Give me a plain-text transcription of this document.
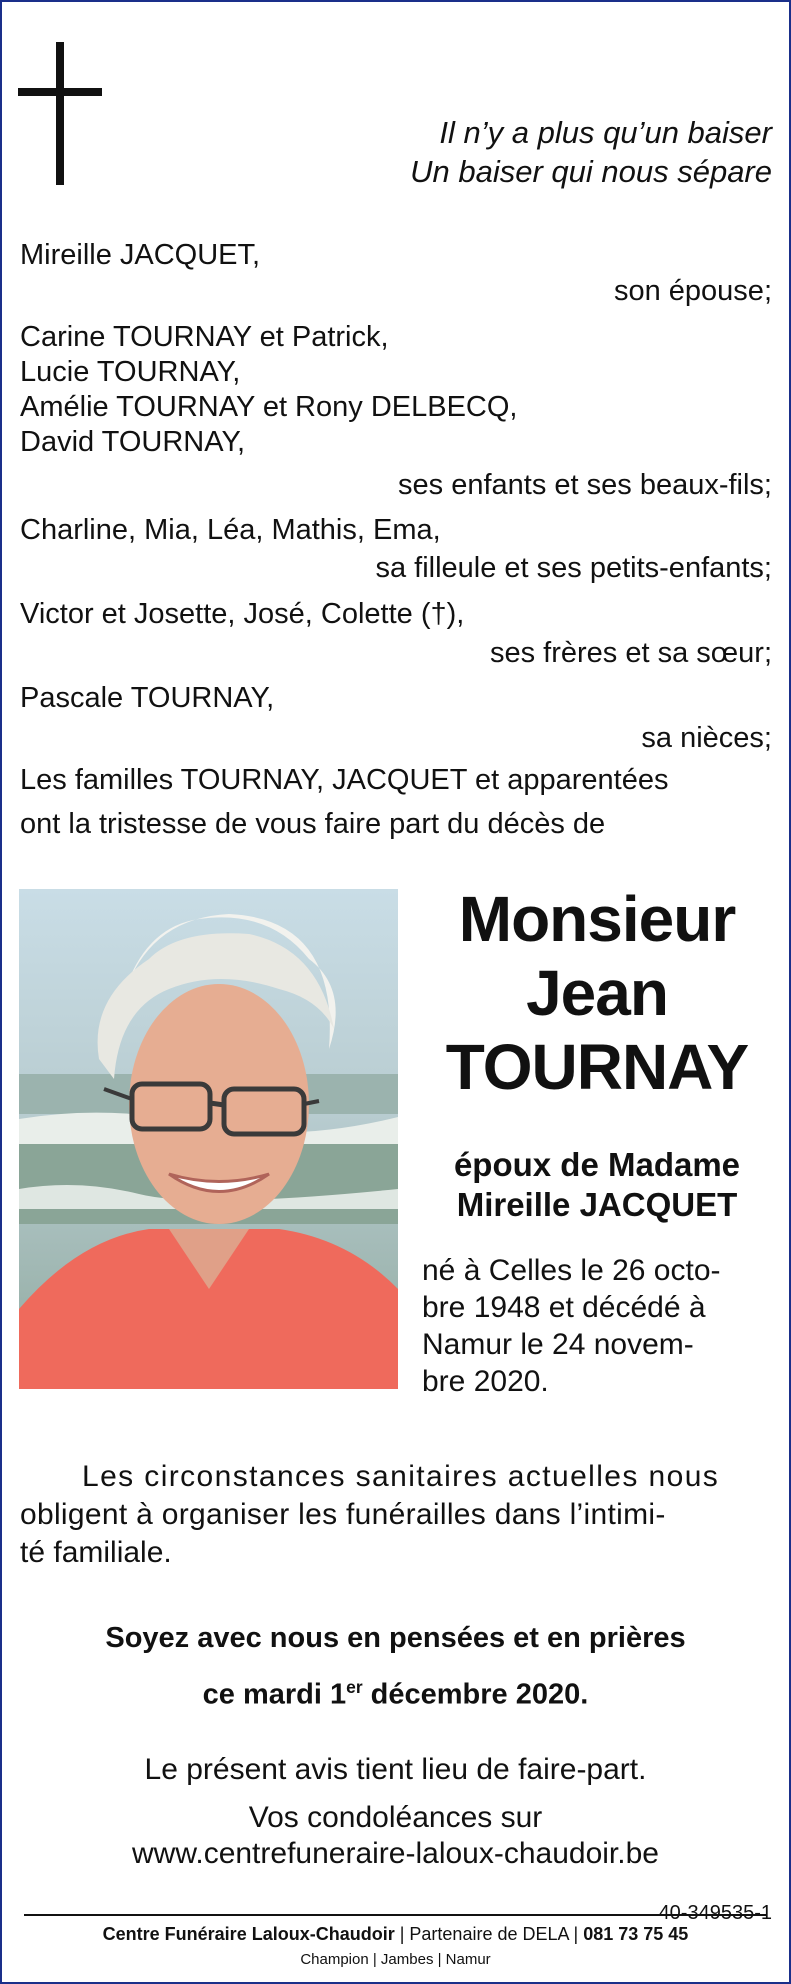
Il n’y a plus qu’un baiser
Un baiser qui nous sépare
Mireille JACQUET,
son épouse;
Carine TOURNAY et Patrick,
Lucie TOURNAY,
Amélie TOURNAY et Rony DELBECQ,
David TOURNAY,
ses enfants et ses beaux-fils;
Charline, Mia, Léa, Mathis, Ema,
sa filleule et ses petits-enfants;
Victor et Josette, José, Colette (†),
ses frères et sa sœur;
Pascale TOURNAY,
sa nièces;
Les familles TOURNAY, JACQUET et apparentées
ont la tristesse de vous faire part du décès de
Monsieur
Jean
TOURNAY
époux de Madame
Mireille JACQUET
né à Celles le 26 octo-
bre 1948 et décédé à
Namur le 24 novem-
bre 2020.
Les circonstances sanitaires actuelles nous
obligent à organiser les funérailles dans l’intimi-
té familiale.
Soyez avec nous en pensées et en prières
ce mardi 1er décembre 2020.
Le présent avis tient lieu de faire-part.
Vos condoléances sur
www.centrefuneraire-laloux-chaudoir.be
40-349535-1
Centre Funéraire Laloux-Chaudoir | Partenaire de DELA | 081 73 75 45
Champion | Jambes | Namur
